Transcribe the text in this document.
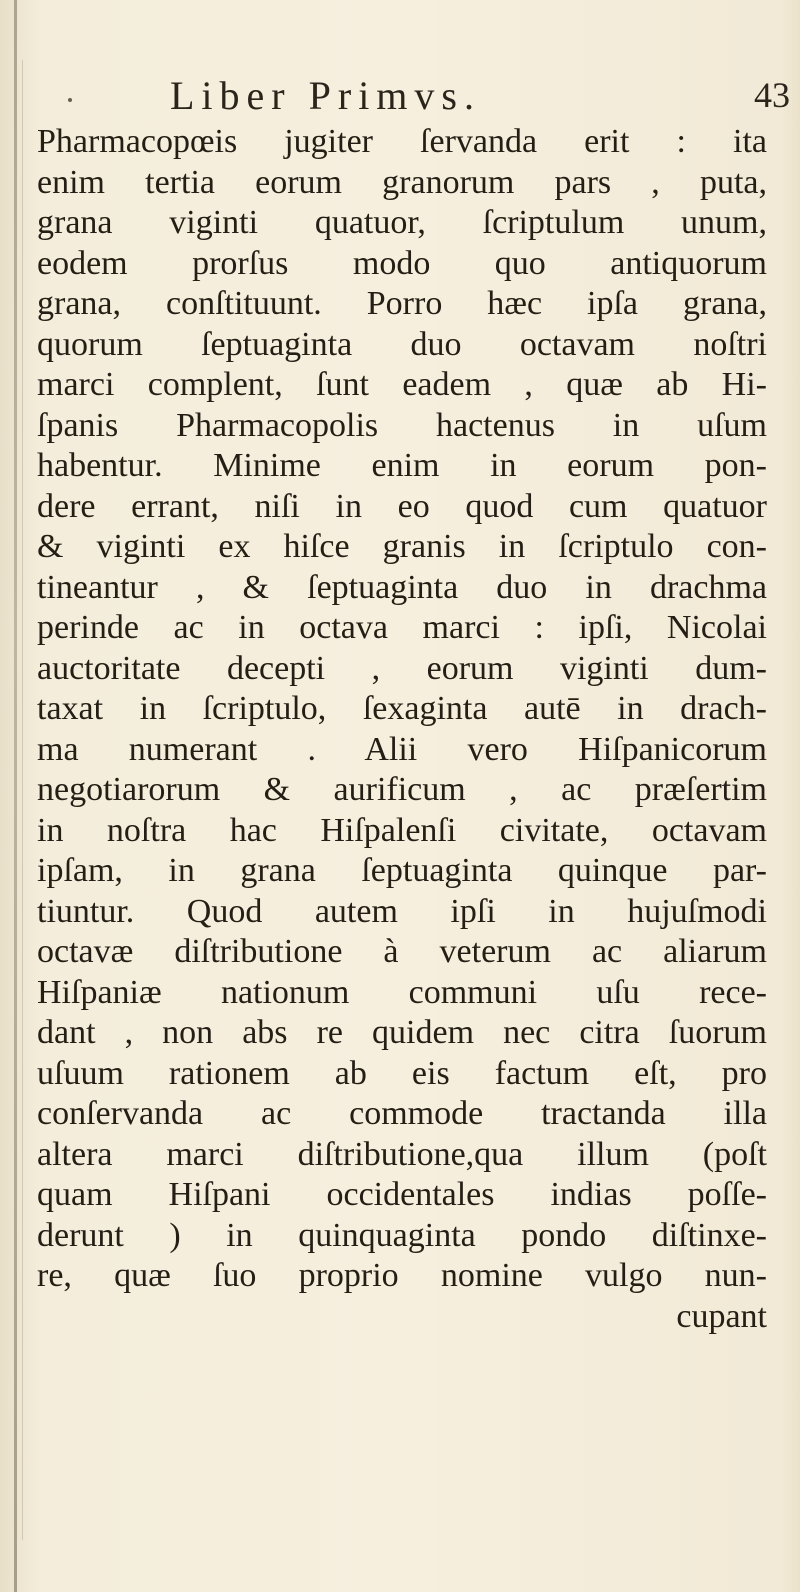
Liber Primvs.	43
Pharmacopœis jugiter ſervanda erit : ita
enim tertia eorum granorum pars , puta,
grana viginti quatuor, ſcriptulum unum,
eodem prorſus modo quo antiquorum
grana, conſtituunt. Porro hæc ipſa grana,
quorum ſeptuaginta duo octavam noſtri
marci complent, ſunt eadem , quæ ab Hi-
ſpanis Pharmacopolis hactenus in uſum
habentur. Minime enim in eorum pon-
dere errant, niſi in eo quod cum quatuor
& viginti ex hiſce granis in ſcriptulo con-
tineantur , & ſeptuaginta duo in drachma
perinde ac in octava marci : ipſi, Nicolai
auctoritate decepti , eorum viginti dum-
taxat in ſcriptulo, ſexaginta autē in drach-
ma numerant . Alii vero Hiſpanicorum
negotiarorum & aurificum , ac præſertim
in noſtra hac Hiſpalenſi civitate, octavam
ipſam, in grana ſeptuaginta quinque par-
tiuntur. Quod autem ipſi in hujuſmodi
octavæ diſtributione à veterum ac aliarum
Hiſpaniæ nationum communi uſu rece-
dant , non abs re quidem nec citra ſuorum
uſuum rationem ab eis factum eſt, pro
conſervanda ac commode tractanda illa
altera marci diſtributione,qua illum (poſt
quam Hiſpani occidentales indias poſſe-
derunt ) in quinquaginta pondo diſtinxe-
re, quæ ſuo proprio nomine vulgo nun-
cupant
